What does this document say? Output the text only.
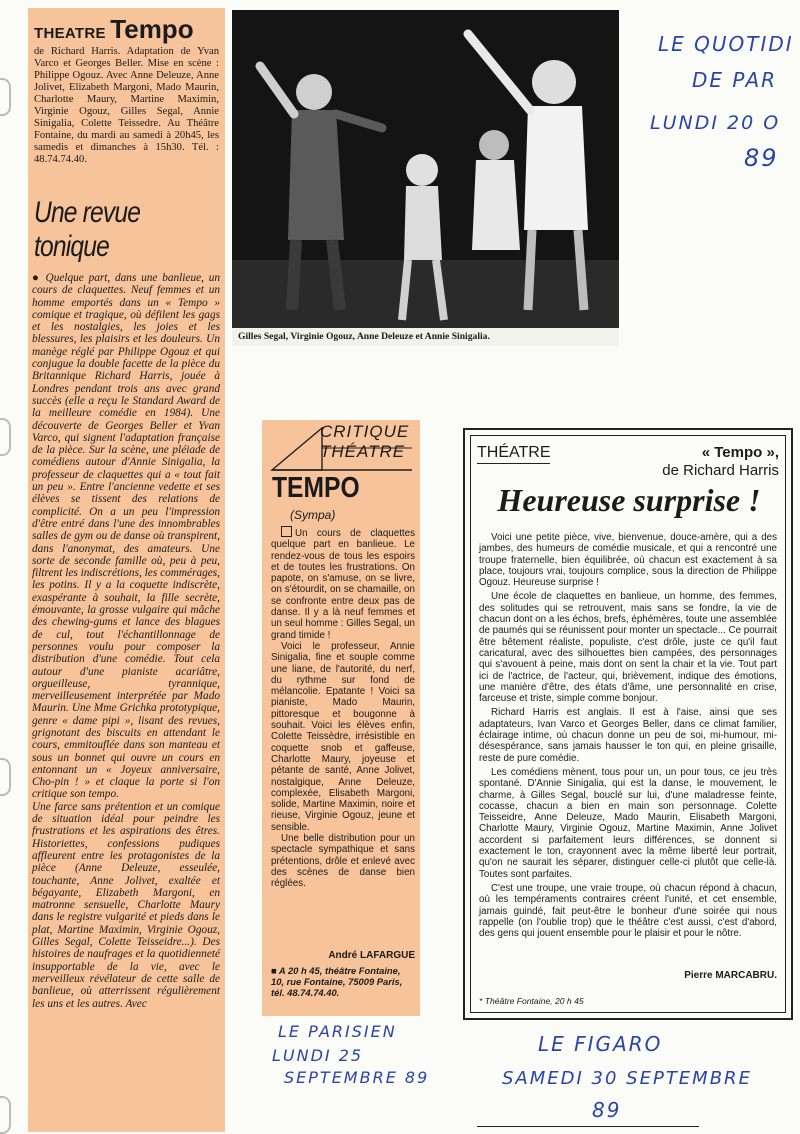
THEATRE Tempo
de Richard Harris. Adaptation de Yvan Varco et Georges Beller. Mise en scène : Philippe Ogouz. Avec Anne Deleuze, Anne Jolivet, Elizabeth Margoni, Mado Maurin, Charlotte Maury, Martine Maximin, Virginie Ogouz, Gilles Segal, Annie Sinigalia, Colette Teissedre. Au Théâtre Fontaine, du mardi au samedi à 20h45, les samedis et dimanches à 15h30. Tél. : 48.74.74.40.
Une revue tonique

● Quelque part, dans une banlieue, un cours de claquettes. Neuf femmes et un homme emportés dans un « Tempo » comique et tragique, où défilent les gags et les nostalgies, les joies et les blessures, les plaisirs et les douleurs. Un manège réglé par Philippe Ogouz et qui conjugue la double facette de la pièce du Britannique Richard Harris, jouée à Londres pendant trois ans avec grand succès (elle a reçu le Standard Award de la meilleure comédie en 1984). Une découverte de Georges Beller et Yvan Varco, qui signent l'adaptation française de la pièce. Sur la scène, une pléiade de comédiens autour d'Annie Sinigalia, la professeur de claquettes qui a « tout fait un peu ». Entre l'ancienne vedette et ses élèves se tissent des relations de complicité. On a un peu l'impression d'être entré dans l'une des innombrables salles de gym ou de danse où transpirent, dans l'anonymat, des amateurs. Une sorte de seconde famille où, peu à peu, filtrent les indiscrétions, les commérages, les potins. Il y a la coquette indiscrète, exaspérante à souhait, la fille secrète, émouvante, la grosse vulgaire qui mâche des chewing-gums et lance des blagues de cul, tout l'échantillonnage de personnes voulu pour composer la distribution d'une comédie. Tout cela autour d'une pianiste acariâtre, orgueilleuse, tyrannique, merveilleusement interprétée par Mado Maurin. Une Mme Grichka prototypique, genre « dame pipi », lisant des revues, grignotant des biscuits en attendant le cours, emmitouflée dans son manteau et sous un bonnet qui ouvre un cours en entonnant un « Joyeux anniversaire, Cho-pin ! » et claque la porte si l'on critique son tempo.

Une farce sans prétention et un comique de situation idéal pour peindre les frustrations et les aspirations des êtres. Historiettes, confessions pudiques affleurent entre les protagonistes de la pièce (Anne Deleuze, esseulée, touchante, Anne Jolivet, exaltée et bégayante, Elizabeth Margoni, en matronne sensuelle, Charlotte Maury dans le registre vulgarité et pieds dans le plat, Martine Maximin, Virginie Ogouz, Gilles Segal, Colette Teisseidre...). Des histoires de naufrages et la quotidienneté insupportable de la vie, avec le merveilleux révélateur de cette salle de banlieue, où atterrissent régulièrement les uns et les autres. Avec

Gilles Segal, Virginie Ogouz, Anne Deleuze et Annie Sinigalia.
LE QUOTIDI
DE PAR
LUNDI 20 O
89
CRITIQUE
THÉATRE
TEMPO
(Sympa)

Un cours de claquettes quelque part en banlieue. Le rendez-vous de tous les espoirs et de toutes les frustrations. On papote, on s'amuse, on se livre, on s'étourdit, on se chamaille, on se confronte entre deux pas de danse. Il y a là neuf femmes et un seul homme : Gilles Segal, un grand timide !

Voici le professeur, Annie Sinigalia, fine et souple comme une liane, de l'autorité, du nerf, du rythme sur fond de mélancolie. Epatante ! Voici sa pianiste, Mado Maurin, pittoresque et bougonne à souhait. Voici les élèves enfin, Colette Teissèdre, irrésistible en coquette snob et gaffeuse, Charlotte Maury, joyeuse et pétante de santé, Anne Jolivet, nostalgique, Anne Deleuze, complexée, Elisabeth Margoni, solide, Martine Maximin, noire et rieuse, Virginie Ogouz, jeune et sensible.

Une belle distribution pour un spectacle sympathique et sans prétentions, drôle et enlevé avec des scènes de danse bien réglées.

André LAFARGUE
■ A 20 h 45, théâtre Fontaine, 10, rue Fontaine, 75009 Paris, tél. 48.74.74.40.
LE PARISIEN
LUNDI 25
SEPTEMBRE 89
THÉATRE	« Tempo »,
de Richard Harris
Heureuse surprise !

Voici une petite pièce, vive, bienvenue, douce-amère, qui a des jambes, des humeurs de comédie musicale, et qui a rencontré une troupe fraternelle, bien équilibrée, où chacun est exactement à sa place, toujours vrai, toujours complice, sous la direction de Philippe Ogouz. Heureuse surprise !

Une école de claquettes en banlieue, un homme, des femmes, des solitudes qui se retrouvent, mais sans se fondre, la vie de chacun dont on a les échos, brefs, éphémères, toute une assemblée de paumés qui se réunissent pour monter un spectacle... Ce pourrait être bêtement réaliste, populiste, c'est drôle, juste ce qu'il faut caricatural, avec des silhouettes bien campées, des personnages qui s'avouent à peine, mais dont on sent la chair et la vie. Tout part ici de l'actrice, de l'acteur, qui, brièvement, indique des émotions, une manière d'être, des états d'âme, une personnalité en crise, farceuse et triste, simple comme bonjour.

Richard Harris est anglais. Il est à l'aise, ainsi que ses adaptateurs, Ivan Varco et Georges Beller, dans ce climat familier, éclairage intime, où chacun donne un peu de soi, mi-humour, mi-désespérance, sans jamais hausser le ton qui, en pleine grisaille, reste de pure comédie.

Les comédiens mènent, tous pour un, un pour tous, ce jeu très spontané. D'Annie Sinigalia, qui est la danse, le mouvement, le charme, à Gilles Segal, bouclé sur lui, d'une maladresse feinte, cocasse, chacun a bien en main son personnage. Colette Teisseidre, Anne Deleuze, Mado Maurin, Elisabeth Margoni, Charlotte Maury, Virginie Ogouz, Martine Maximin, Anne Jolivet accordent si parfaitement leurs différences, se donnent si exactement le ton, crayonnent avec la même liberté leur portrait, qu'on ne saurait les séparer, distinguer celle-ci plutôt que celle-là. Toutes sont parfaites.

C'est une troupe, une vraie troupe, où chacun répond à chacun, où les tempéraments contraires créent l'unité, et cet ensemble, jamais guindé, fait peut-être le bonheur d'une soirée qui nous rappelle (on l'oublie trop) que le théâtre c'est aussi, c'est d'abord, des gens qui jouent ensemble pour le plaisir et pour le nôtre.

Pierre MARCABRU.
* Théâtre Fontaine, 20 h 45
LE FIGARO
SAMEDI 30 SEPTEMBRE
89
